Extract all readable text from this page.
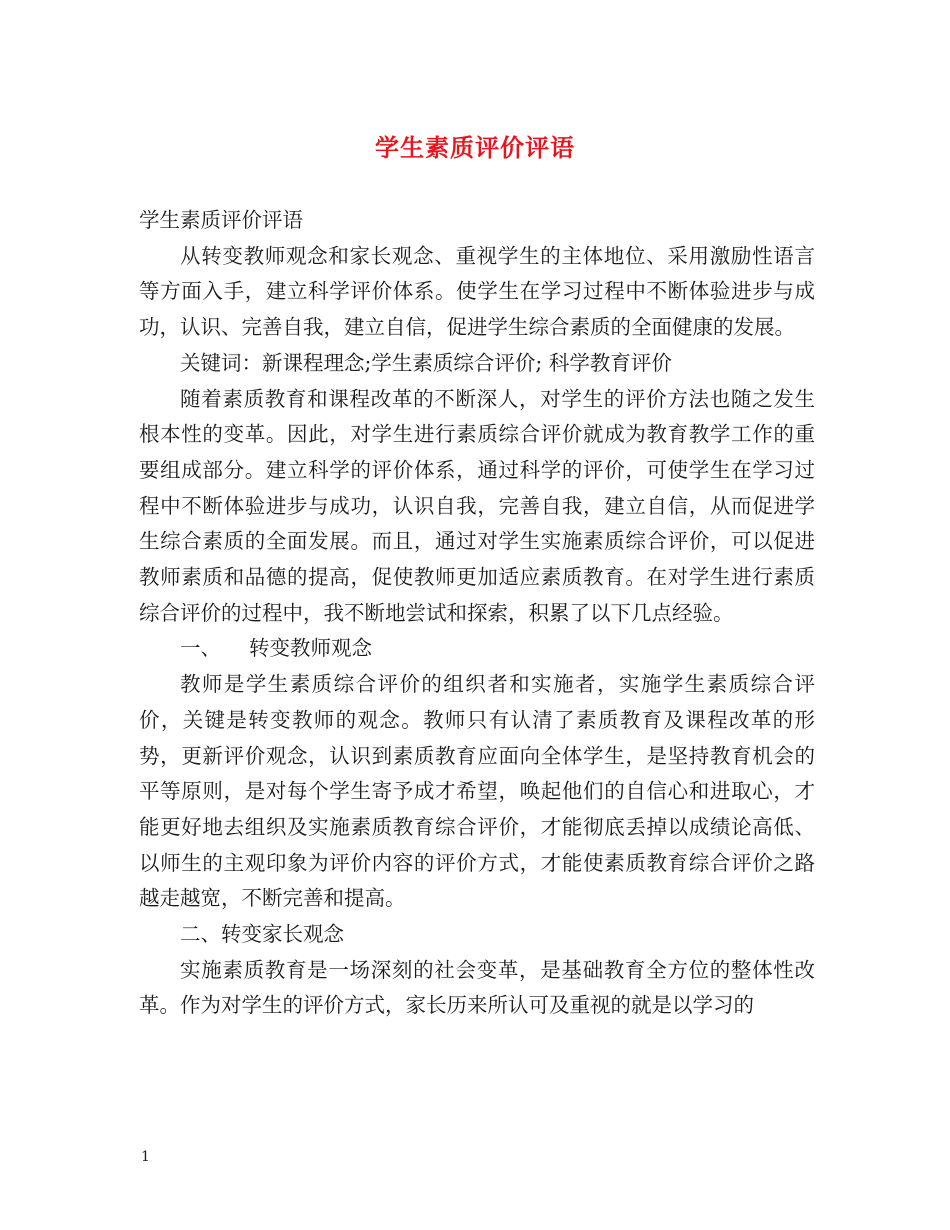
学生素质评价评语

学生素质评价评语

从转变教师观念和家长观念、重视学生的主体地位、采用激励性语言等方面入手，建立科学评价体系。使学生在学习过程中不断体验进步与成功，认识、完善自我，建立自信，促进学生综合素质的全面健康的发展。

关键词：新课程理念;学生素质综合评价; 科学教育评价

随着素质教育和课程改革的不断深人，对学生的评价方法也随之发生根本性的变革。因此，对学生进行素质综合评价就成为教育教学工作的重要组成部分。建立科学的评价体系，通过科学的评价，可使学生在学习过程中不断体验进步与成功，认识自我，完善自我，建立自信，从而促进学生综合素质的全面发展。而且，通过对学生实施素质综合评价，可以促进教师素质和品德的提高，促使教师更加适应素质教育。在对学生进行素质综合评价的过程中，我不断地尝试和探索，积累了以下几点经验。

一、 转变教师观念

教师是学生素质综合评价的组织者和实施者，实施学生素质综合评价，关键是转变教师的观念。教师只有认清了素质教育及课程改革的形势，更新评价观念，认识到素质教育应面向全体学生，是坚持教育机会的平等原则，是对每个学生寄予成才希望，唤起他们的自信心和进取心，才能更好地去组织及实施素质教育综合评价，才能彻底丢掉以成绩论高低、以师生的主观印象为评价内容的评价方式，才能使素质教育综合评价之路越走越宽，不断完善和提高。

二、转变家长观念

实施素质教育是一场深刻的社会变革，是基础教育全方位的整体性改革。作为对学生的评价方式，家长历来所认可及重视的就是以学习的

1
